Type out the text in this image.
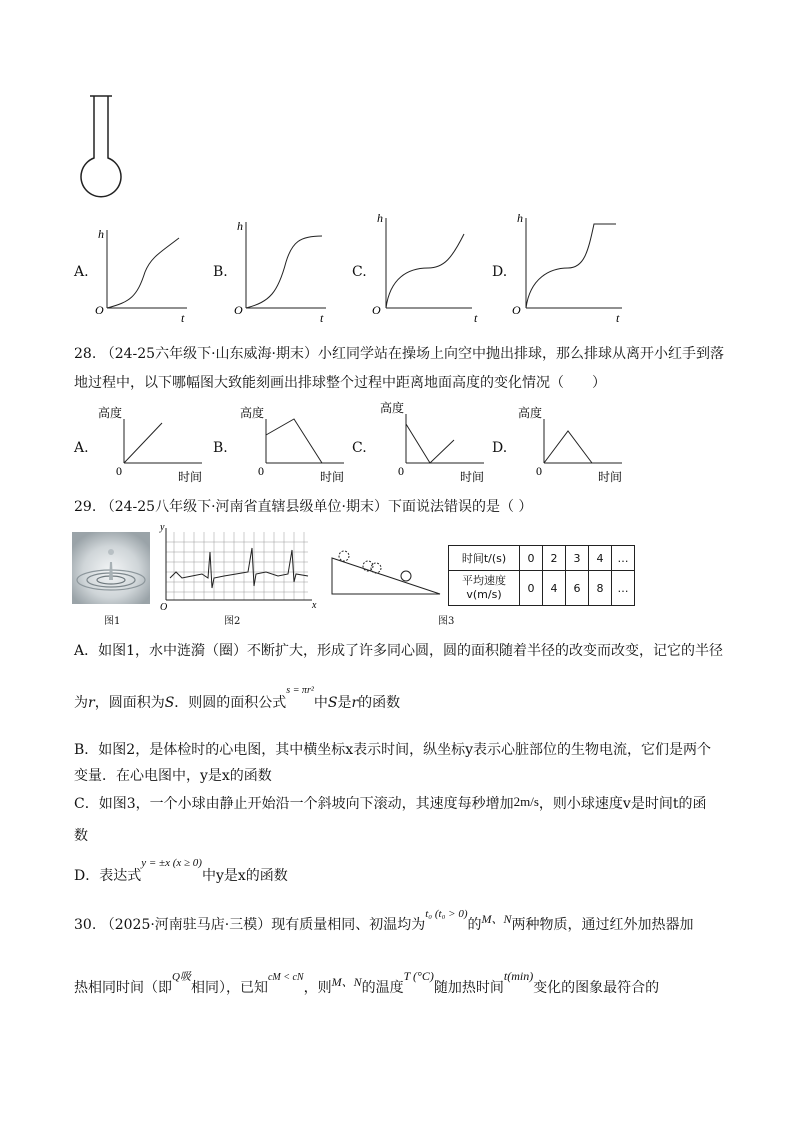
A.	B.	C.	D.
h
O
t
h
O
t
h
O
t
h
O
t
28. （24-25六年级下·山东威海·期末）小红同学站在操场上向空中抛出排球，那么排球从离开小红手到落
地过程中，以下哪幅图大致能刻画出排球整个过程中距离地面高度的变化情况（　　）
A.	B.	C.	D.
高度
0	时间
高度
0	时间
高度
0	时间
高度
0	时间
29. （24-25八年级下·河南省直辖县级单位·期末）下面说法错误的是（ ）
图1
y
O	x
图2	图3
时间t/(s)	0	2	3	4	…
平均速度
v(m/s)	0	4	6	8	…
A．如图1，水中涟漪（圈）不断扩大，形成了许多同心圆，圆的面积随着半径的改变而改变，记它的半径
为r，圆面积为S．则圆的面积公式$^{s = \pi r^2}$中S是r的函数
B．如图2，是体检时的心电图，其中横坐标x表示时间，纵坐标y表示心脏部位的生物电流，它们是两个
变量．在心电图中，y是x的函数
C．如图3，一个小球由静止开始沿一个斜坡向下滚动，其速度每秒增加2m/s，则小球速度v是时间t的函
数
D．表达式$^{y = \pm x (x \ge 0)}$中y是x的函数
30. （2025·河南驻马店·三模）现有质量相同、初温均为$^{t_0 (t_0 > 0)}$的M、N两种物质，通过红外加热器加
热相同时间（即$^{Q吸}$相同），已知$^{cM < cN}$，则M、N的温度T (°C)随加热时间t(min)变化的图象最符合的
